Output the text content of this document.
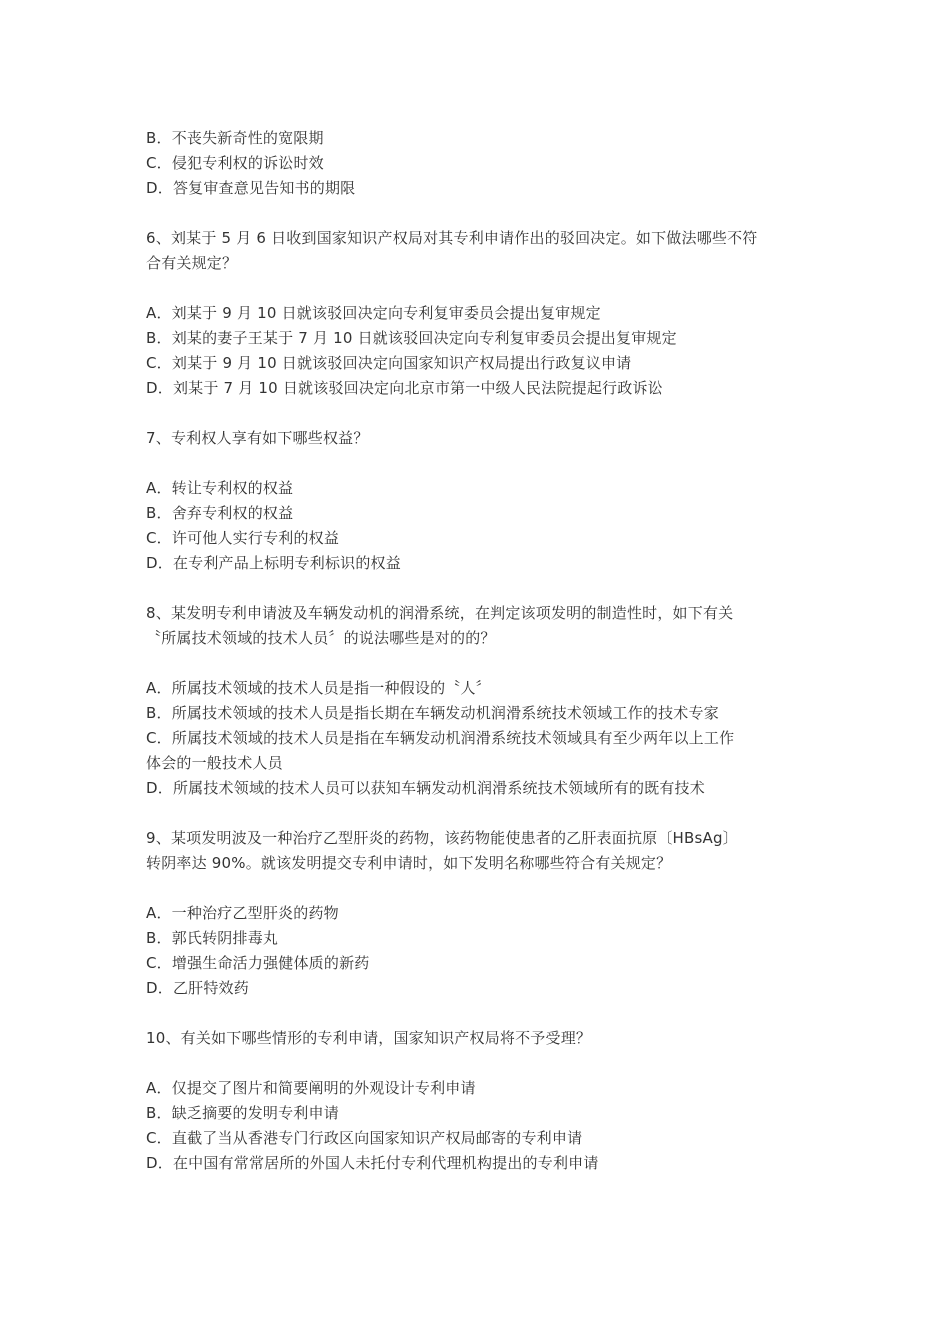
B．不丧失新奇性的宽限期
C．侵犯专利权的诉讼时效
D．答复审查意见告知书的期限
6、刘某于 5 月 6 日收到国家知识产权局对其专利申请作出的驳回决定。如下做法哪些不符
合有关规定？
A．刘某于 9 月 10 日就该驳回决定向专利复审委员会提出复审规定
B．刘某的妻子王某于 7 月 10 日就该驳回决定向专利复审委员会提出复审规定
C．刘某于 9 月 10 日就该驳回决定向国家知识产权局提出行政复议申请
D．刘某于 7 月 10 日就该驳回决定向北京市第一中级人民法院提起行政诉讼
7、专利权人享有如下哪些权益？
A．转让专利权的权益
B．舍弃专利权的权益
C．许可他人实行专利的权益
D．在专利产品上标明专利标识的权益
8、某发明专利申请波及车辆发动机的润滑系统，在判定该项发明的制造性时，如下有关
〝所属技术领域的技术人员〞的说法哪些是对的的？
A．所属技术领域的技术人员是指一种假设的〝人〞
B．所属技术领域的技术人员是指长期在车辆发动机润滑系统技术领域工作的技术专家
C．所属技术领域的技术人员是指在车辆发动机润滑系统技术领域具有至少两年以上工作
体会的一般技术人员
D．所属技术领域的技术人员可以获知车辆发动机润滑系统技术领域所有的既有技术
9、某项发明波及一种治疗乙型肝炎的药物，该药物能使患者的乙肝表面抗原〔HBsAg〕
转阴率达 90%。就该发明提交专利申请时，如下发明名称哪些符合有关规定？
A．一种治疗乙型肝炎的药物
B．郭氏转阴排毒丸
C．增强生命活力强健体质的新药
D．乙肝特效药
10、有关如下哪些情形的专利申请，国家知识产权局将不予受理？
A．仅提交了图片和简要阐明的外观设计专利申请
B．缺乏摘要的发明专利申请
C．直截了当从香港专门行政区向国家知识产权局邮寄的专利申请
D．在中国有常常居所的外国人未托付专利代理机构提出的专利申请
